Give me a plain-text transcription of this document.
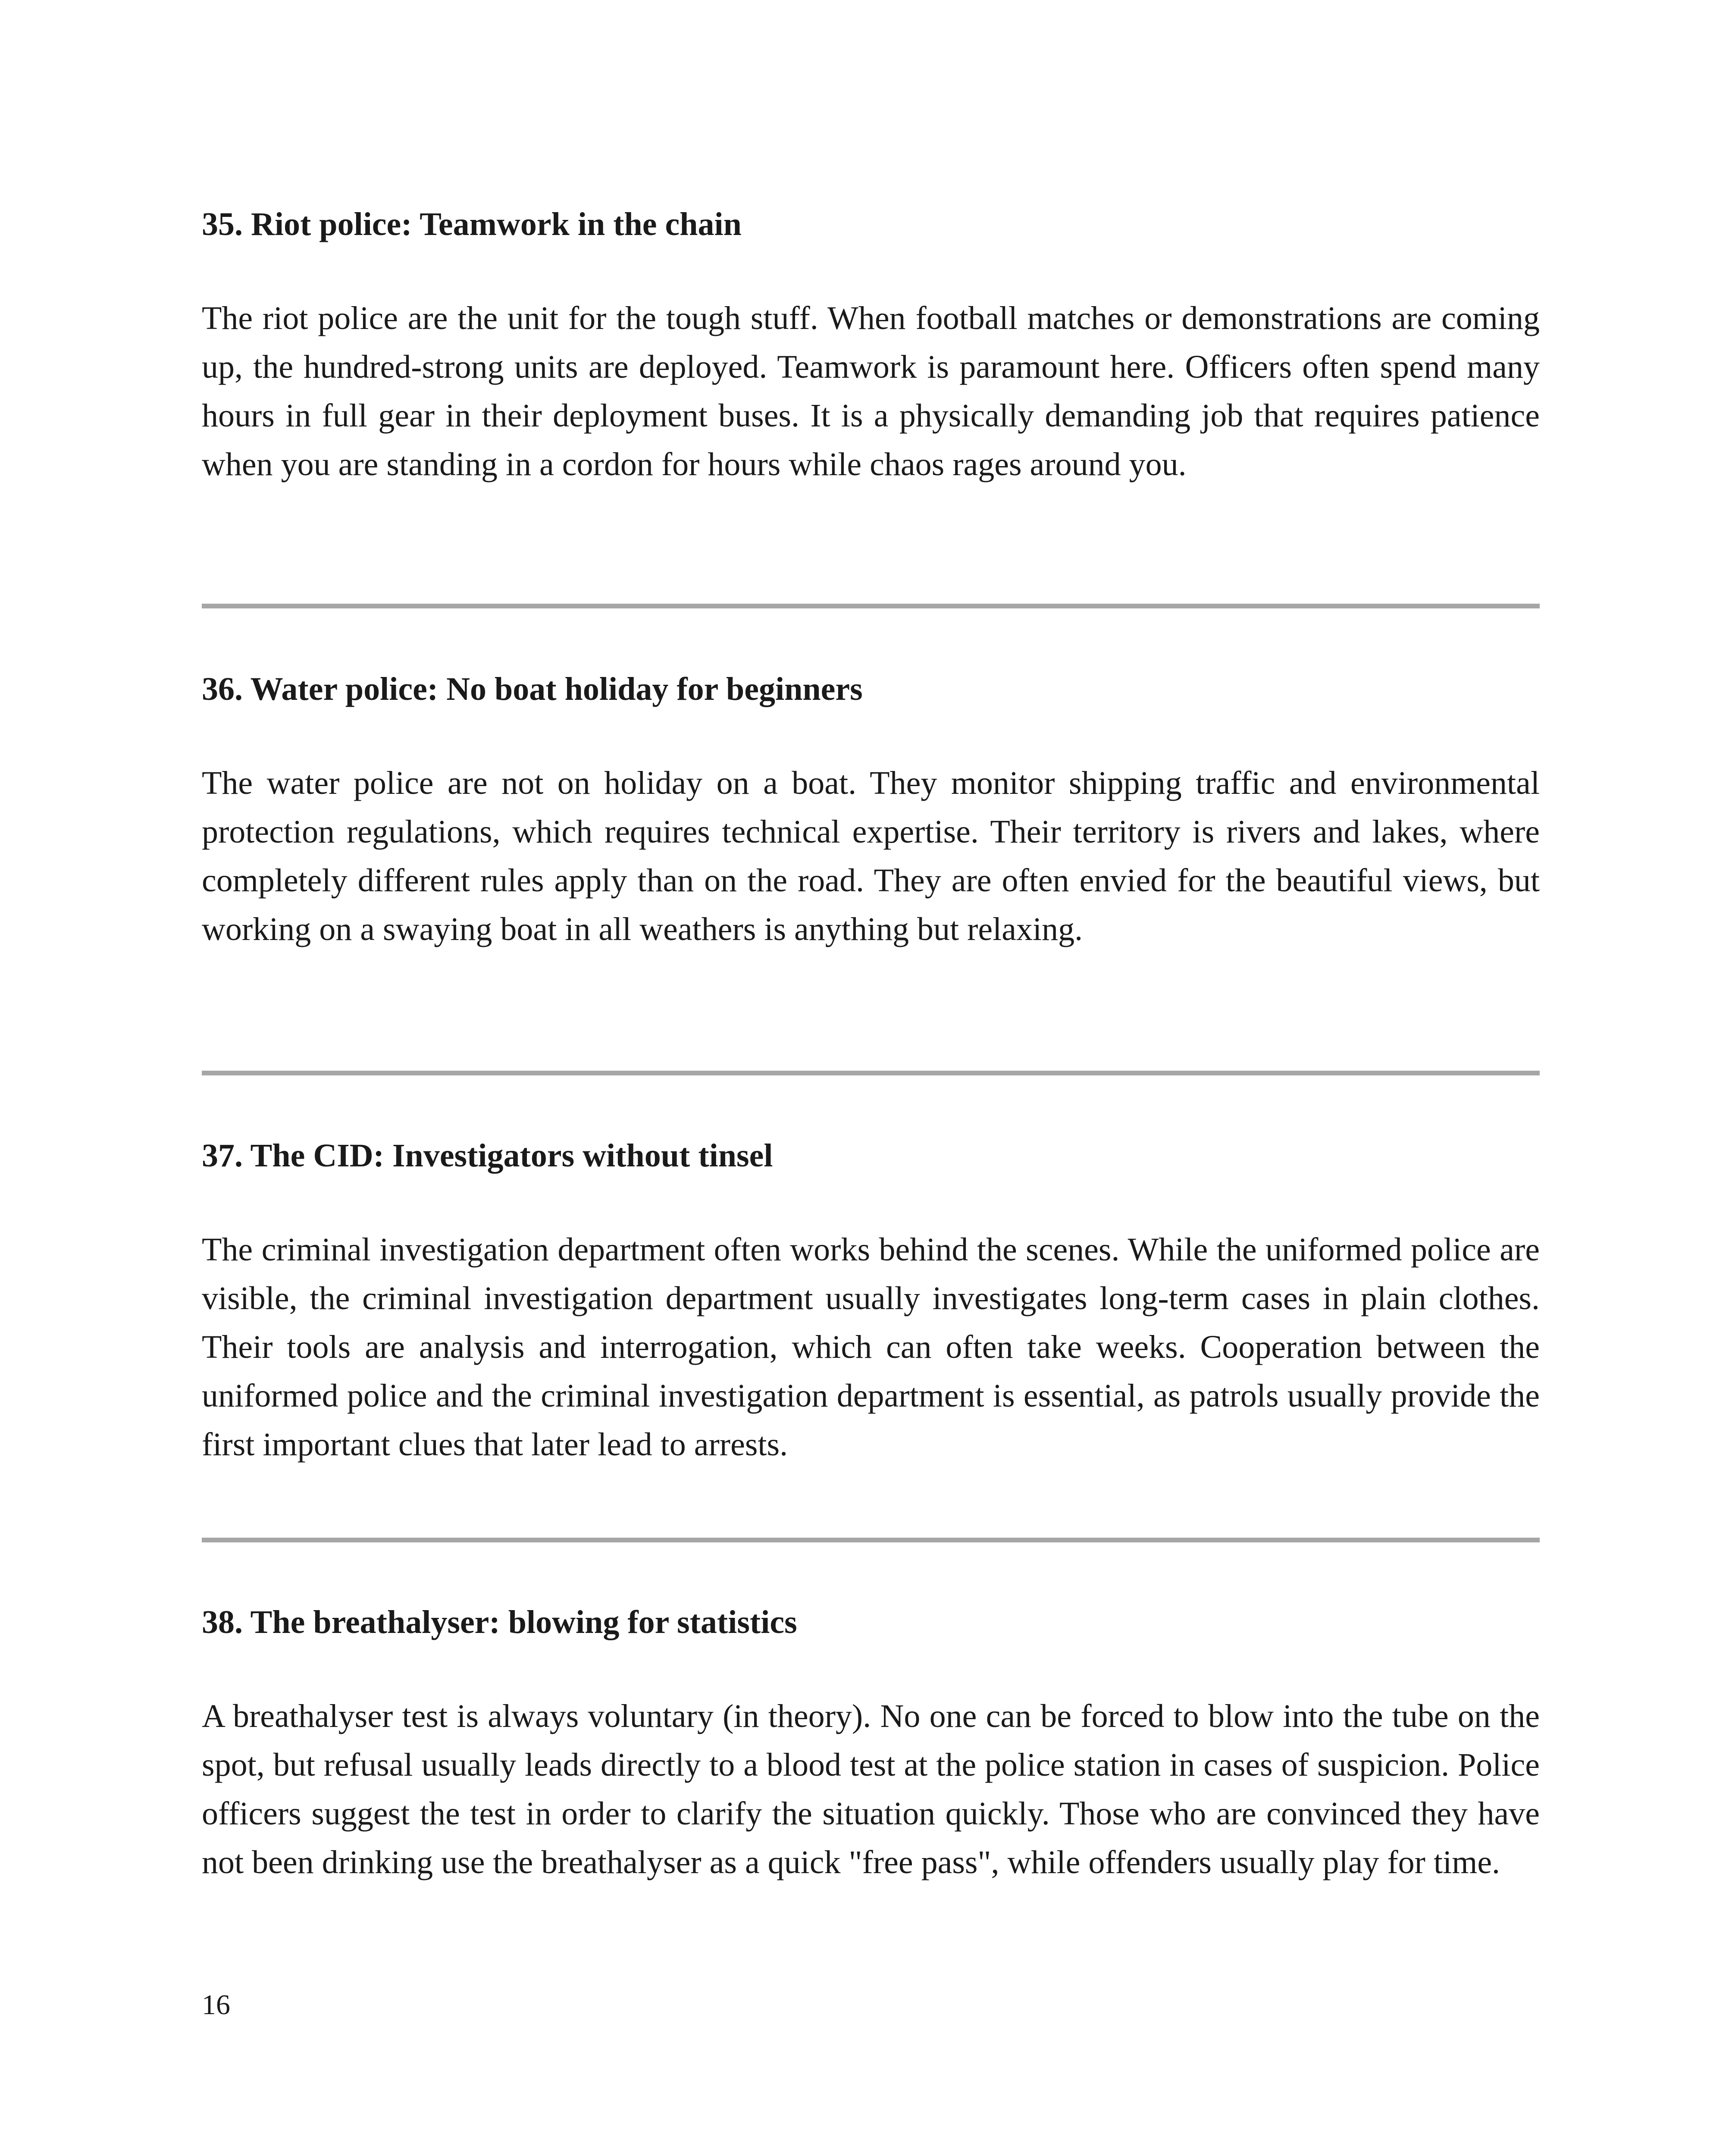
35. Riot police: Teamwork in the chain

The riot police are the unit for the tough stuff. When football matches or demonstrations are coming up, the hundred-strong units are deployed. Teamwork is paramount here. Officers often spend many hours in full gear in their deployment buses. It is a physically demanding job that requires patience when you are standing in a cordon for hours while chaos rages around you.

36. Water police: No boat holiday for beginners

The water police are not on holiday on a boat. They monitor shipping traffic and environmental protection regulations, which requires technical expertise. Their territory is rivers and lakes, where completely different rules apply than on the road. They are often envied for the beautiful views, but working on a swaying boat in all weathers is anything but relaxing.

37. The CID: Investigators without tinsel

The criminal investigation department often works behind the scenes. While the uniformed police are visible, the criminal investigation department usually investigates long-term cases in plain clothes. Their tools are analysis and interrogation, which can often take weeks. Cooperation between the uniformed police and the criminal investigation department is essential, as patrols usually provide the first important clues that later lead to arrests.

38. The breathalyser: blowing for statistics

A breathalyser test is always voluntary (in theory). No one can be forced to blow into the tube on the spot, but refusal usually leads directly to a blood test at the police station in cases of suspicion. Police officers suggest the test in order to clarify the situation quickly. Those who are convinced they have not been drinking use the breathalyser as a quick "free pass", while offenders usually play for time.

16
